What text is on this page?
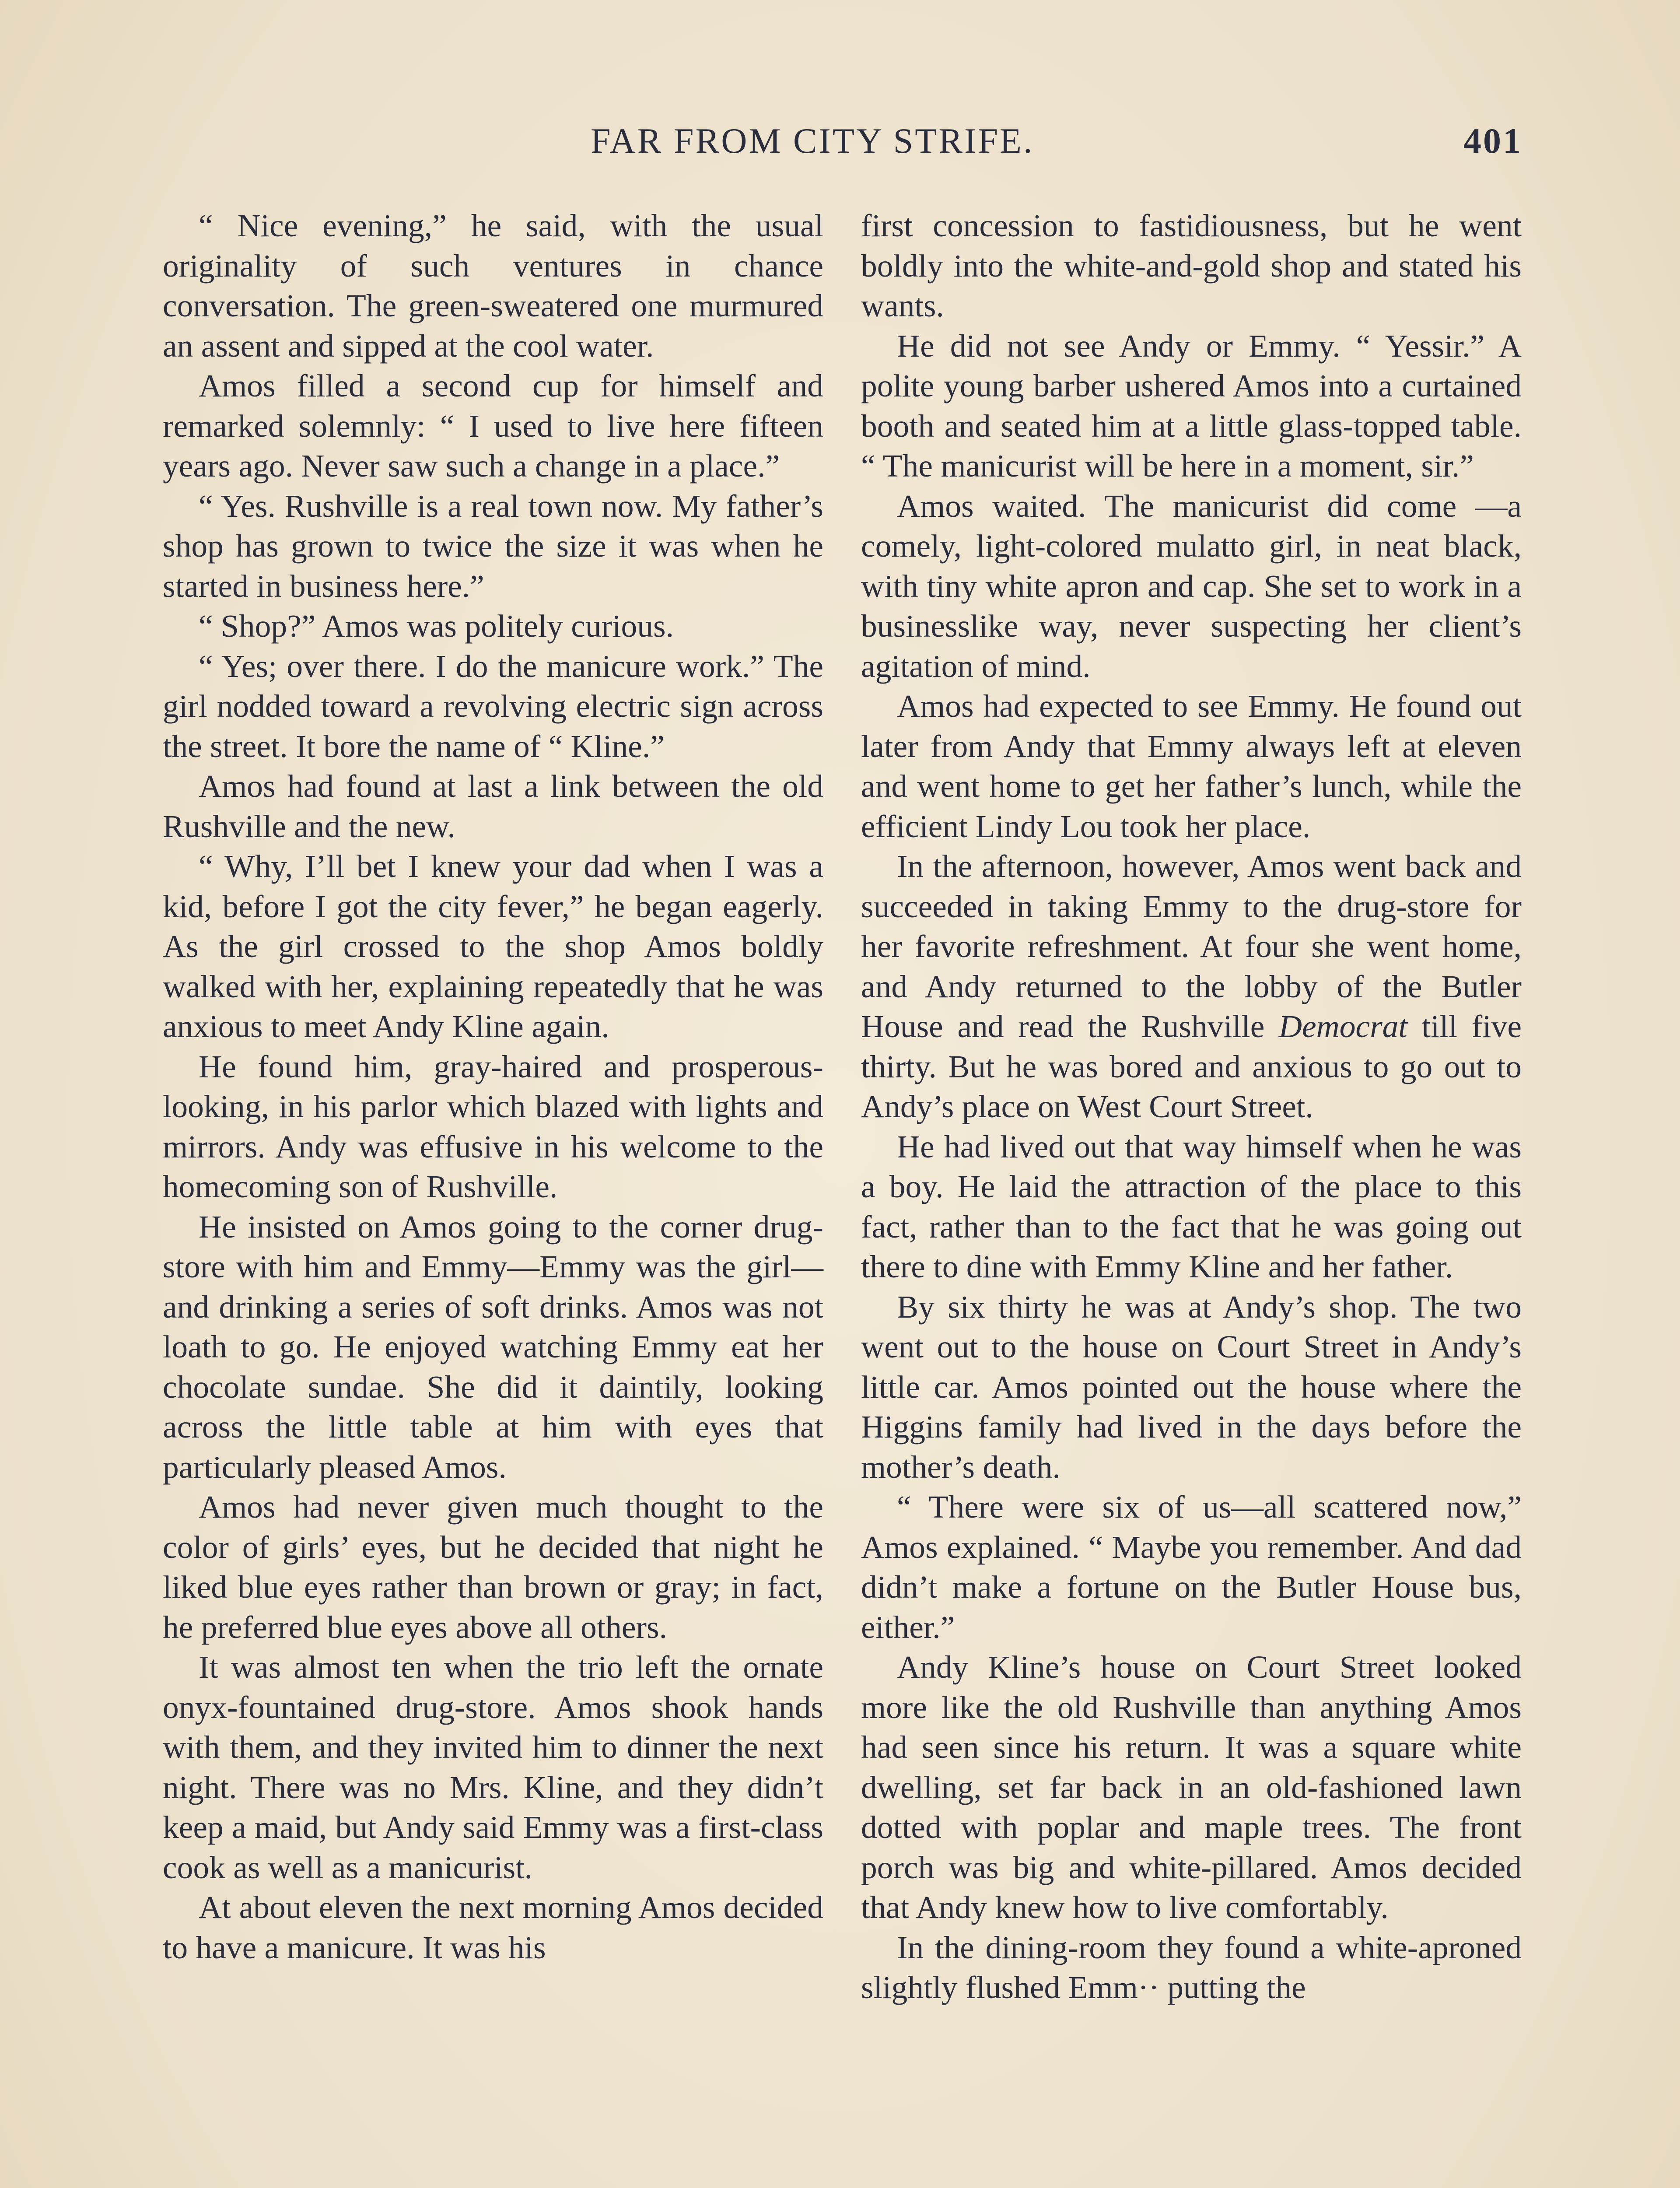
FAR FROM CITY STRIFE.	401

“ Nice evening,” he said, with the usual originality of such ventures in chance conversation. The green-sweatered one murmured an assent and sipped at the cool water.

Amos filled a second cup for himself and remarked solemnly: “ I used to live here fifteen years ago. Never saw such a change in a place.”

“ Yes. Rushville is a real town now. My father’s shop has grown to twice the size it was when he started in business here.”

“ Shop?” Amos was politely curious.

“ Yes; over there. I do the manicure work.” The girl nodded toward a revolving electric sign across the street. It bore the name of “ Kline.”

Amos had found at last a link between the old Rushville and the new.

“ Why, I’ll bet I knew your dad when I was a kid, before I got the city fever,” he began eagerly. As the girl crossed to the shop Amos boldly walked with her, explaining repeatedly that he was anxious to meet Andy Kline again.

He found him, gray-haired and prosperous-looking, in his parlor which blazed with lights and mirrors. Andy was effusive in his welcome to the homecoming son of Rushville.

He insisted on Amos going to the corner drug-store with him and Emmy—Emmy was the girl—and drinking a series of soft drinks. Amos was not loath to go. He enjoyed watching Emmy eat her chocolate sundae. She did it daintily, looking across the little table at him with eyes that particularly pleased Amos.

Amos had never given much thought to the color of girls’ eyes, but he decided that night he liked blue eyes rather than brown or gray; in fact, he preferred blue eyes above all others.

It was almost ten when the trio left the ornate onyx-fountained drug-store. Amos shook hands with them, and they invited him to dinner the next night. There was no Mrs. Kline, and they didn’t keep a maid, but Andy said Emmy was a first-class cook as well as a manicurist.

At about eleven the next morning Amos decided to have a manicure. It was his

first concession to fastidiousness, but he went boldly into the white-and-gold shop and stated his wants.

He did not see Andy or Emmy. “ Yessir.” A polite young barber ushered Amos into a curtained booth and seated him at a little glass-topped table. “ The manicurist will be here in a moment, sir.”

Amos waited. The manicurist did come —a comely, light-colored mulatto girl, in neat black, with tiny white apron and cap. She set to work in a businesslike way, never suspecting her client’s agitation of mind.

Amos had expected to see Emmy. He found out later from Andy that Emmy always left at eleven and went home to get her father’s lunch, while the efficient Lindy Lou took her place.

In the afternoon, however, Amos went back and succeeded in taking Emmy to the drug-store for her favorite refreshment. At four she went home, and Andy returned to the lobby of the Butler House and read the Rushville Democrat till five thirty. But he was bored and anxious to go out to Andy’s place on West Court Street.

He had lived out that way himself when he was a boy. He laid the attraction of the place to this fact, rather than to the fact that he was going out there to dine with Emmy Kline and her father.

By six thirty he was at Andy’s shop. The two went out to the house on Court Street in Andy’s little car. Amos pointed out the house where the Higgins family had lived in the days before the mother’s death.

“ There were six of us—all scattered now,” Amos explained. “ Maybe you remember. And dad didn’t make a fortune on the Butler House bus, either.”

Andy Kline’s house on Court Street looked more like the old Rushville than anything Amos had seen since his return. It was a square white dwelling, set far back in an old-fashioned lawn dotted with poplar and maple trees. The front porch was big and white-pillared. Amos decided that Andy knew how to live comfortably.

In the dining-room they found a white-aproned slightly flushed Emm·· putting the
